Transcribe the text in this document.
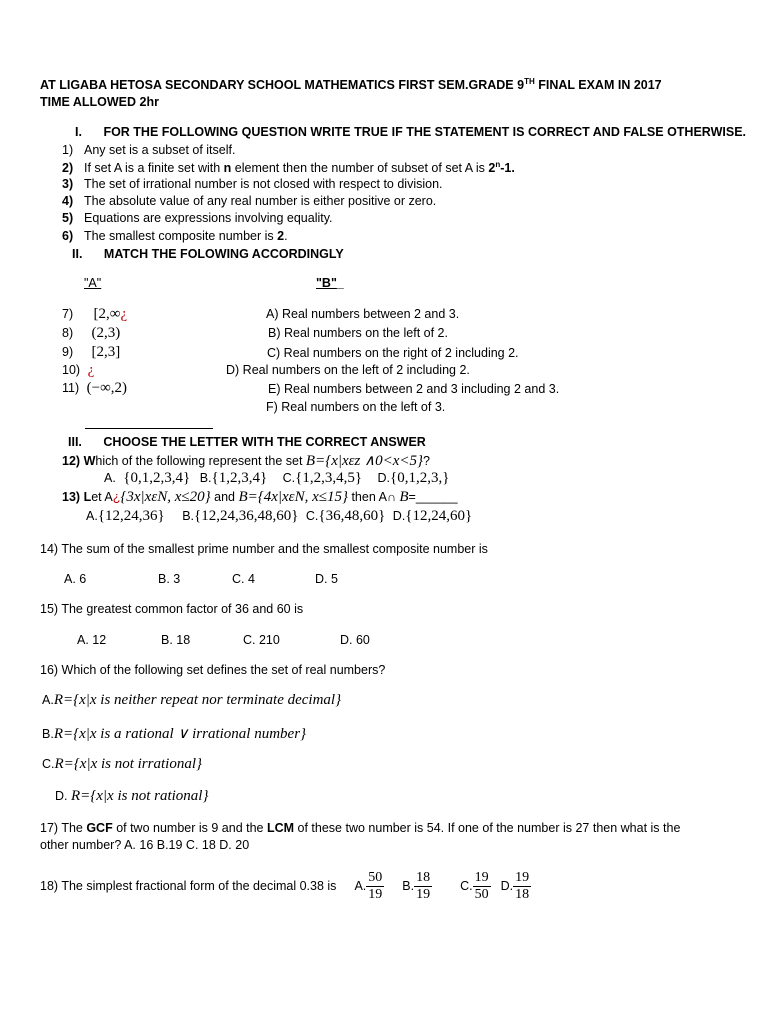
AT LIGABA HETOSA SECONDARY SCHOOL MATHEMATICS FIRST SEM.GRADE 9TH FINAL EXAM IN 2017
TIME ALLOWED 2hr
I. FOR THE FOLLOWING QUESTION WRITE TRUE IF THE STATEMENT IS CORRECT AND FALSE OTHERWISE.
1) Any set is a subset of itself.
2) If set A is a finite set with n element then the number of subset of set A is 2$^n$-1.
3) The set of irrational number is not closed with respect to division.
4) The absolute value of any real number is either positive or zero.
5) Equations are expressions involving equality.
6) The smallest composite number is 2.
II. MATCH THE FOLOWING ACCORDINGLY
"A"	"B"_
7) [2,∞¿
8) (2,3)
9) [2,3]
10) ¿
11) (−∞,2)
A) Real numbers between 2 and 3.
B) Real numbers on the left of 2.
C) Real numbers on the right of 2 including 2.
D) Real numbers on the left of 2 including 2.
E) Real numbers between 2 and 3 including 2 and 3.
F) Real numbers on the left of 3.
III. CHOOSE THE LETTER WITH THE CORRECT ANSWER
12) Which of the following represent the set B={x|xεz ∧0<x<5}?
A. {0,1,2,3,4} B.{1,2,3,4} C.{1,2,3,4,5} D.{0,1,2,3,}
13) Let A¿{3x|xεN, x≤20} and B={4x|xεN, x≤15} then A∩ B=______
A.{12,24,36} B.{12,24,36,48,60} C.{36,48,60} D.{12,24,60}
14) The sum of the smallest prime number and the smallest composite number is
A. 6	B. 3	C. 4	D. 5
15) The greatest common factor of 36 and 60 is
A. 12	B. 18	C. 210	D. 60
16) Which of the following set defines the set of real numbers?
A.R={x|x is neither repeat nor terminate decimal}
B.R={x|x is a rational ∨ irrational number}
C.R={x|x is not irrational}
D. R={x|x is not rational}
17) The GCF of two number is 9 and the LCM of these two number is 54. If one of the number is 27 then what is the
other number? A. 16 B.19 C. 18 D. 20
18) The simplest fractional form of the decimal 0.38 is A. $\frac{50}{19} B$. $\frac{18}{19} C$. $\frac{19}{50} D$. $\frac{19}{18}$
